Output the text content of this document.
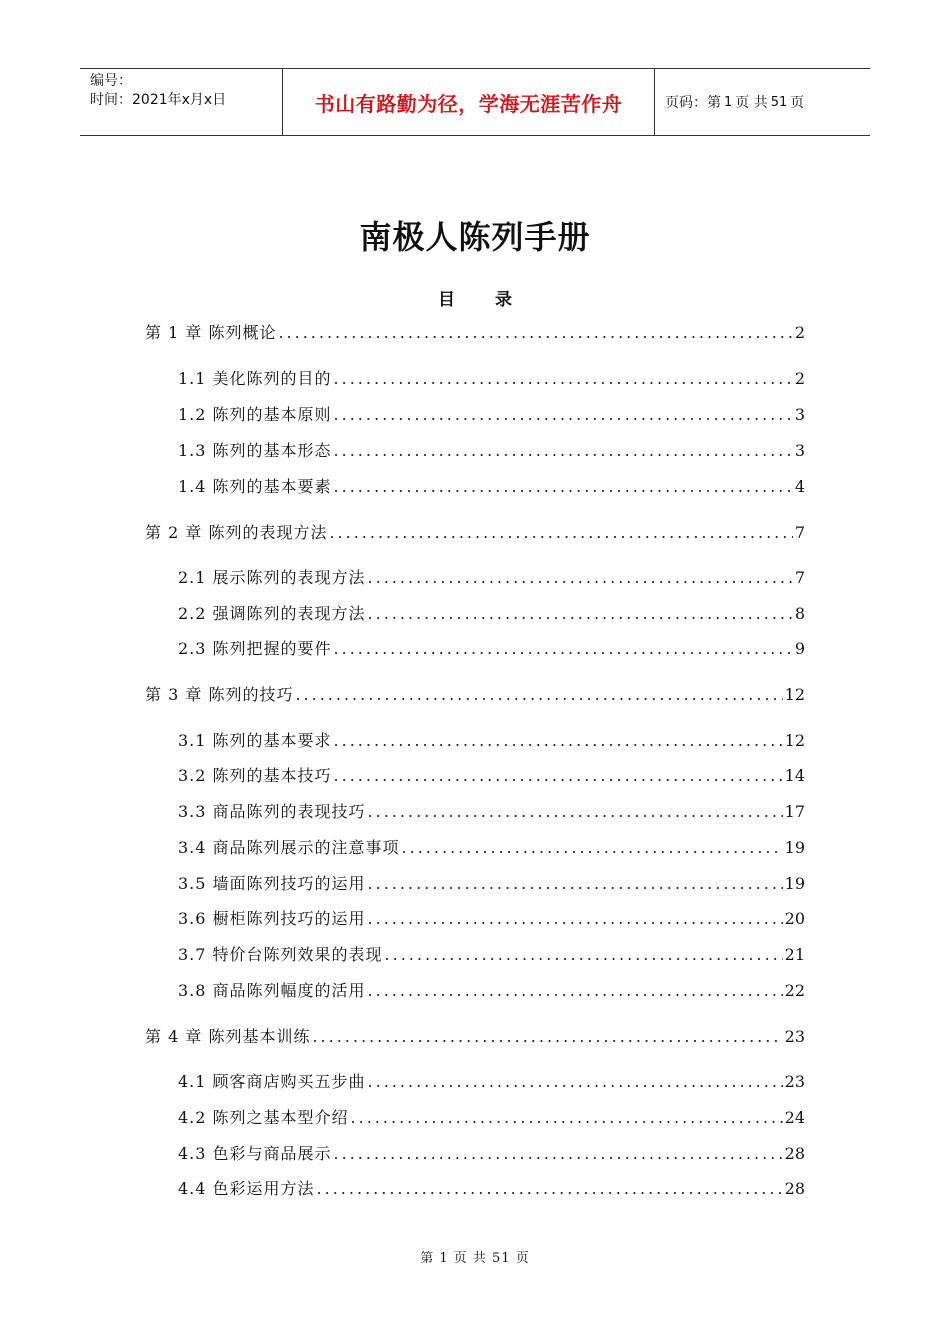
编号：
时间：2021年x月x日	书山有路勤为径，学海无涯苦作舟	页码：第 1 页 共 51 页
南极人陈列手册
目录
第 1 章 陈列概论 .....	2
1.1 美化陈列的目的 .....	2
1.2 陈列的基本原则 .....	3
1.3 陈列的基本形态 .....	3
1.4 陈列的基本要素 .....	4
第 2 章 陈列的表现方法 .....	7
2.1 展示陈列的表现方法 .....	7
2.2 强调陈列的表现方法 .....	8
2.3 陈列把握的要件 .....	9
第 3 章 陈列的技巧 .....	12
3.1 陈列的基本要求 .....	12
3.2 陈列的基本技巧 .....	14
3.3 商品陈列的表现技巧 .....	17
3.4 商品陈列展示的注意事项 .....	19
3.5 墙面陈列技巧的运用 .....	19
3.6 橱柜陈列技巧的运用 .....	20
3.7 特价台陈列效果的表现 .....	21
3.8 商品陈列幅度的活用 .....	22
第 4 章 陈列基本训练 .....	23
4.1 顾客商店购买五步曲 .....	23
4.2 陈列之基本型介绍 .....	24
4.3 色彩与商品展示 .....	28
4.4 色彩运用方法 .....	28
第 1 页 共 51 页
